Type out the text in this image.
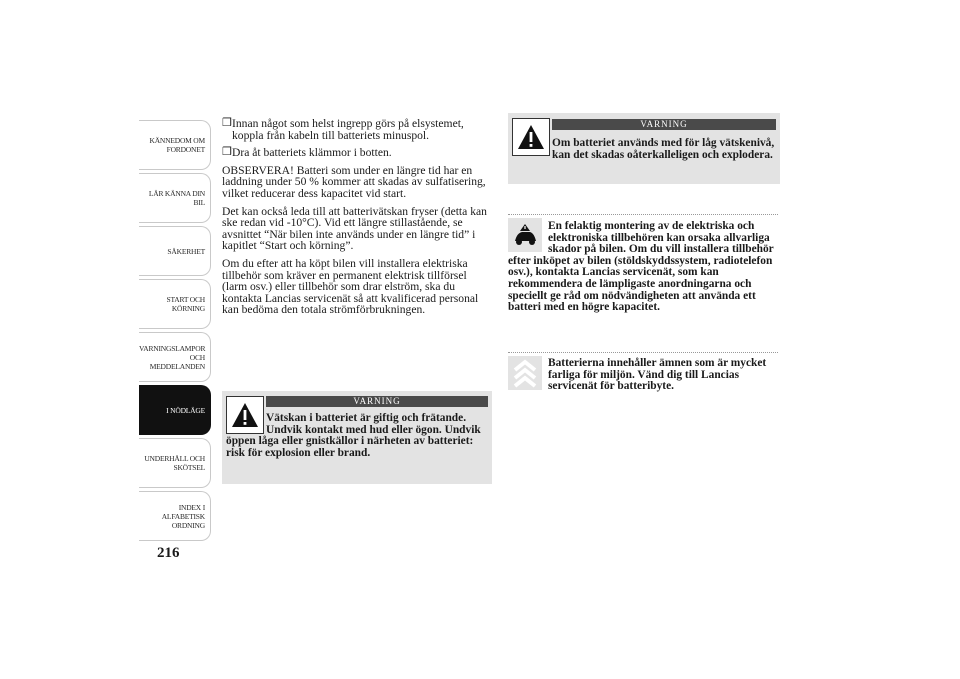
KÄNNEDOM OM
FORDONET
LÄR KÄNNA DIN
BIL
SÄKERHET
START OCH
KÖRNING
VARNINGSLAMPOR
OCH
MEDDELANDEN
I NÖDLÄGE
UNDERHÅLL OCH
SKÖTSEL
INDEX I
ALFABETISK
ORDNING
216
❒ Innan något som helst ingrepp görs på elsystemet, koppla från kabeln till batteriets minuspol.
❒ Dra åt batteriets klämmor i botten.

OBSERVERA! Batteri som under en längre tid har en laddning under 50 % kommer att skadas av sulfatisering, vilket reducerar dess kapacitet vid start.

Det kan också leda till att batterivätskan fryser (detta kan ske redan vid -10°C). Vid ett längre stillastående, se avsnittet “När bilen inte används under en längre tid” i kapitlet “Start och körning”.

Om du efter att ha köpt bilen vill installera elektriska tillbehör som kräver en permanent elektrisk tillförsel (larm osv.) eller tillbehör som drar elström, ska du kontakta Lancias servicenät så att kvalificerad personal kan bedöma den totala strömförbrukningen.

VARNING
Vätskan i batteriet är giftig och frätande. Undvik kontakt med hud eller ögon. Undvik öppen låga eller gnistkällor i närheten av batteriet: risk för explosion eller brand.
VARNING
Om batteriet används med för låg vätskenivå, kan det skadas oåterkalleligen och explodera.
En felaktig montering av de elektriska och elektroniska tillbehören kan orsaka allvarliga skador på bilen. Om du vill installera tillbehör efter inköpet av bilen (stöldskyddssystem, radiotelefon osv.), kontakta Lancias servicenät, som kan rekommendera de lämpligaste anordningarna och speciellt ge råd om nödvändigheten att använda ett batteri med en högre kapacitet.
Batterierna innehåller ämnen som är mycket farliga för miljön. Vänd dig till Lancias servicenät för batteribyte.
